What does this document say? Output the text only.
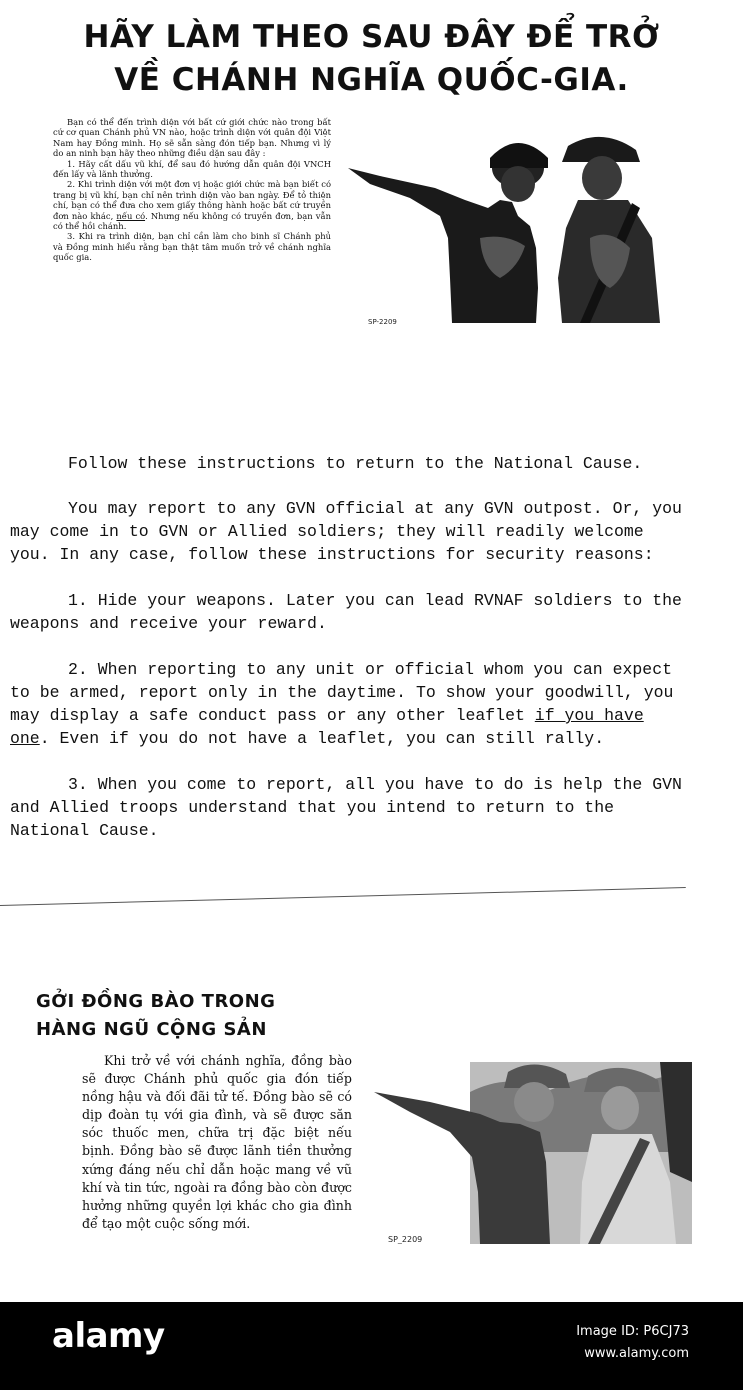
HÃY LÀM THEO SAU ĐÂY ĐỂ TRỞ
VỀ CHÁNH NGHĨA QUỐC-GIA.

Bạn có thể đến trình diện với bất cứ giới chức nào trong bất cứ cơ quan Chánh phủ VN nào, hoặc trình diện với quân đội Việt Nam hay Đồng minh. Họ sẽ sẵn sàng đón tiếp bạn. Nhưng vì lý do an ninh bạn hãy theo những điều dặn sau đây :

1. Hãy cất dấu vũ khí, để sau đó hướng dẫn quân đội VNCH đến lấy và lãnh thưởng.

2. Khi trình diện với một đơn vị hoặc giới chức mà bạn biết có trang bị vũ khí, bạn chỉ nên trình diện vào ban ngày. Để tỏ thiện chí, bạn có thể đưa cho xem giấy thông hành hoặc bất cứ truyền đơn nào khác, nếu có. Nhưng nếu không có truyền đơn, bạn vẫn có thể hồi chánh.

3. Khi ra trình diện, bạn chỉ cần làm cho binh sĩ Chánh phủ và Đồng minh hiểu rằng bạn thật tâm muốn trở về chánh nghĩa quốc gia.

SP-2209
Follow these instructions to return to the National Cause.

You may report to any GVN official at any GVN outpost. Or, you may come in to GVN or Allied soldiers; they will readily welcome you. In any case, follow these instructions for security reasons:

1. Hide your weapons. Later you can lead RVNAF soldiers to the weapons and receive your reward.

2. When reporting to any unit or official whom you can expect to be armed, report only in the daytime. To show your goodwill, you may display a safe conduct pass or any other leaflet if you have one. Even if you do not have a leaflet, you can still rally.

3. When you come to report, all you have to do is help the GVN and Allied troops understand that you intend to return to the National Cause.

GỞI ĐỒNG BÀO TRONG
HÀNG NGŨ CỘNG SẢN

Khi trở về với chánh nghĩa, đồng bào sẽ được Chánh phủ quốc gia đón tiếp nồng hậu và đối đãi tử tế. Đồng bào sẽ có dịp đoàn tụ với gia đình, và sẽ được săn sóc thuốc men, chữa trị đặc biệt nếu bịnh. Đồng bào sẽ được lãnh tiền thưởng xứng đáng nếu chỉ dẫn hoặc mang về vũ khí và tin tức, ngoài ra đồng bào còn được hưởng những quyền lợi khác cho gia đình để tạo một cuộc sống mới.

SP_2209
alamy	Image ID: P6CJ73
www.alamy.com
